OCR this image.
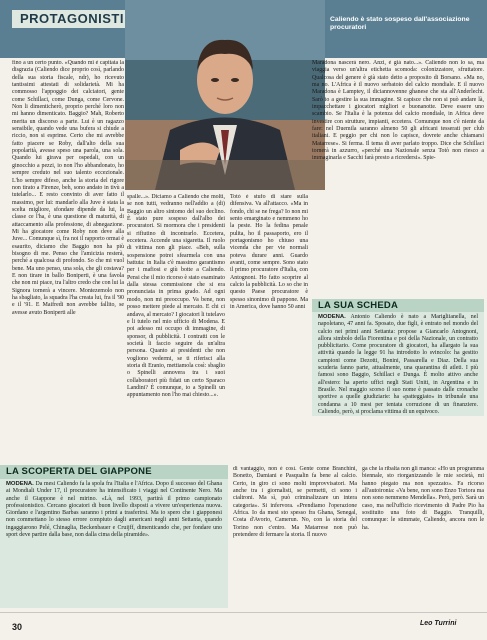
PROTAGONISTI	Caliendo è stato sospeso dall'associazione procuratori

fino a un certo punto. «Quando mi è capitata la disgrazia (Caliendo dice proprio così, parlando della sua storia fiscale, ndr), ho ricevuto tantissimi attestati di solidarietà. Mi ha commosso l'appoggio dei calciatori, gente come Schillaci, come Dunga, come Cervone. Non li dimenticherò, proprio perché loro non mi hanno dimenticato. Baggio? Mah, Roberto merita un discorso a parte. Lui è un ragazzo sensibile, quando vede una bufera si chiude a riccio, non si esprime. Certo che mi avrebbe fatto piacere se Roby, dall'alto della sua popolarità, avesse speso una parola, una sola. Quando lui girava per ospedali, con un ginocchio a pezzi, io non l'ho abbandonato, ho sempre creduto nel suo talento eccezionale. L'ho sempre difeso, anche la storia del rigore non tirato a Firenze, beh, sono andato in tivù a tutelarlo... E resto convinto di aver fatto il massimo, per lui: mandarlo alla Juve è stata la scelta migliore, sfondare dipende da lui, la classe ce l'ha, è una questione di maturità, di attaccamento alla professione, di abnegazione. Mi ha giocatore come Roby non deve alla Juve... Comunque sì, fra noi il rapporto ormai è esaurito, diciamo che Baggio non ha più bisogno di me. Penso che l'amicizia resterà, perché a qualcosa di profondo. So che mi vuol bene. Ma uno penso, una sola, che gli costava? E non tirare in ballo Boniperti, è una favola che non mi piace, tra l'altro credo che con lui la Signora tornerà a vincere. Montezemolo non ha sbagliato, la squadra l'ha creata lui, fra il '90 e il '91. E Maifredi non avrebbe fallito, se avesse avuto Boniperti alle

spalle...». Diciamo a Caliendo che molti, se non tutti, vedranno nell'addio a (di) Baggio un altro sintomo del suo declino. È stato pure sospeso dall'albo dei procuratori. Si mormora che i presidenti si rifiutino di incontrarlo. Eccetera, eccetera. Accende una sigaretta. Il ruolo di vittima non gli piace. «Beh, sulla sospensione potrei sfearmela con una battuta: in Italia c'è massimo garantismo per i mafiosi e giù botte a Caliendo. Pensi che il mio ricorso è stato esaminato dalla stessa commissione che si era pronunciata in prima grado. Ad ogni modo, non mi preoccupo. Va bene, non posso mettere piede al mercato. E chi ci andava, al mercato? I giocatori li tutelavo e li tutelo nel mio ufficio di Modena. E poi adesso mi occupo di immagine, di sponsor, di pubblicità. I contratti con le società li faccio seguire da un'altra persona. Quanto ai presidenti che non vogliono vedermi, se ti riferisci alla storia di Eranio, mettiamola così: sbaglio o Spinelli annovera tra i suoi collaboratori più fidati un certo Sparaco Landini? È comunque, io a Spinelli un appuntamento non l'ho mai chiesto...».

Totò è stufo di stare sulla difensiva. Va all'attacco. «Ma in fondo, chi se ne frega? Io non mi sento emarginato e nemmeno ho la peste. Ho la fedina penale pulita, ho il passaporto, ero il portagonismo ho chiuso una vicenda che per vie normali poteva durare anni. Guardo avanti, come sempre. Sono stato il primo procuratore d'Italia, con Antognoni. Ho fatto scoprire al calcio la pubblicità. Lo so che in questo Paese procuratore è spesso sinonimo di pappone. Ma in America, dove hanno 50 anni

Maradona nascerà nero. Anzi, è già nato...». Caliendo non lo sa, ma viaggia verso un'altra etichetta scomoda: colonizzatore, sfruttatore. Qualcosa del genere è già stato detto a proposito di Borsano. «Ma no, ma no. L'Africa è il nuovo serbatoio del calcio mondiale. E il nuovo Maradona è Lamptey, il diciannovenne ghanese che sta all'Anderlecht. Sarò io a gestire la sua immagine. Si capisce che non si può andare là, impacchettare i giocatori migliori e buonanotte. Deve essere uno scambio. Se l'Italia è la potenza del calcio mondiale, in Africa deve investire con strutture, impianti, eccetera. Comunque non c'è niente da fare: nel Duemila saranno almeno 50 gli africani tesserati per club italiani. E peggio per chi non lo capisce, dovrete anche chiamarsi Matarrese». Si ferma. Il tema di aver parlato troppo. Dice che Schillaci tornerà in azzurro, «perché una Nazionale senza Totò non riesco a immaginarla e Sacchi farà presto a ricredersi». Spie-

LA SUA SCHEDA
MODENA. Antonio Caliendo è nato a Marigliianella, nel napoletano, 47 anni fa. Sposato, due figli, è entrato nel mondo del calcio nei primi anni Settanta: propose a Giancarlo Antognoni, allora simbolo della Fiorentina e poi della Nazionale, un contratto pubblicitario. Come procuratore di giocatori, ha allargato la sua attività quando la legge 91 ha introdotto lo svincolo: ha gestito campioni come Dezotti, Bonini, Passarella e Diaz. Della sua scuderia fanno parte, attualmente, una quarantina di atleti. I più famosi sono Baggio, Schillaci e Dunga. È molto attivo anche all'estero: ha aperto uffici negli Stati Uniti, in Argentina e in Brasile. Nel maggio scorso il suo nome è passato dalle cronache sportive a quelle giudiziarie: ha «patteggiato» in tribunale una condanna a 10 mesi per tentata corruzione di un finanziere. Caliendo, però, si proclama vittima di un equivoco.

di vantaggio, non è così. Gente come Branchini, Bonetto, Damiani e Pasqualin fa bene al calcio. Certo, in giro ci sono molti improvvisatori. Ma anche tra i giornalisti, se permetti, ci sono i cialtroni. Ma sì, può criminalizzare un intera categoria». Si infervora. «Prendiamo l'operazione Africa. Io da mesi sto spesso fra Ghana, Senegal, Costa d'Avorio, Camerun. No, con la storia del Torino non c'entro. Ma Matarrese non può pretendere di fermare la storia. Il nuovo

ga che la ribalta non gli manca: «Ho un programma biennale, sto riorganizzando le mie società, mi hanno piegato ma non spezzato». Fa ricorso all'autoironia: «Va bene, non sono Enzo Tortora ma non sono nemmeno Mendella». Però, però. Sarà un caso, ma nell'ufficio ricevimento di Padre Pio ha sostituito una foto di Baggio. Tranquilli, comunque: le stimmate, Caliendo, ancora non le ha.

LA SCOPERTA DEL GIAPPONE
MODENA. Da mesi Caliendo fa la spola fra l'Italia e l'Africa. Dopo il successo del Ghana ai Mondiali Under 17, il procuratore ha intensificato i viaggi nel Continente Nero. Ma anche il Giappone è nel mirino. «Là, nel 1993, partirà il primo campionato professionistico. Cercano giocatori di buon livello disposti a vivere un'esperienza nuova. Giordano e l'argentino Barbas saranno i primi a trasferirsi. Ma io spero che i giapponesi non commettano lo stesso errore compiuto dagli americani negli anni Settanta, quando ingaggiarono Pelé, Chinaglia, Beckenbauer e Cruijff, dimenticando che, per fondare uno sport deve partire dalla base, non dalla cima della piramide».
30	Leo Turrini
